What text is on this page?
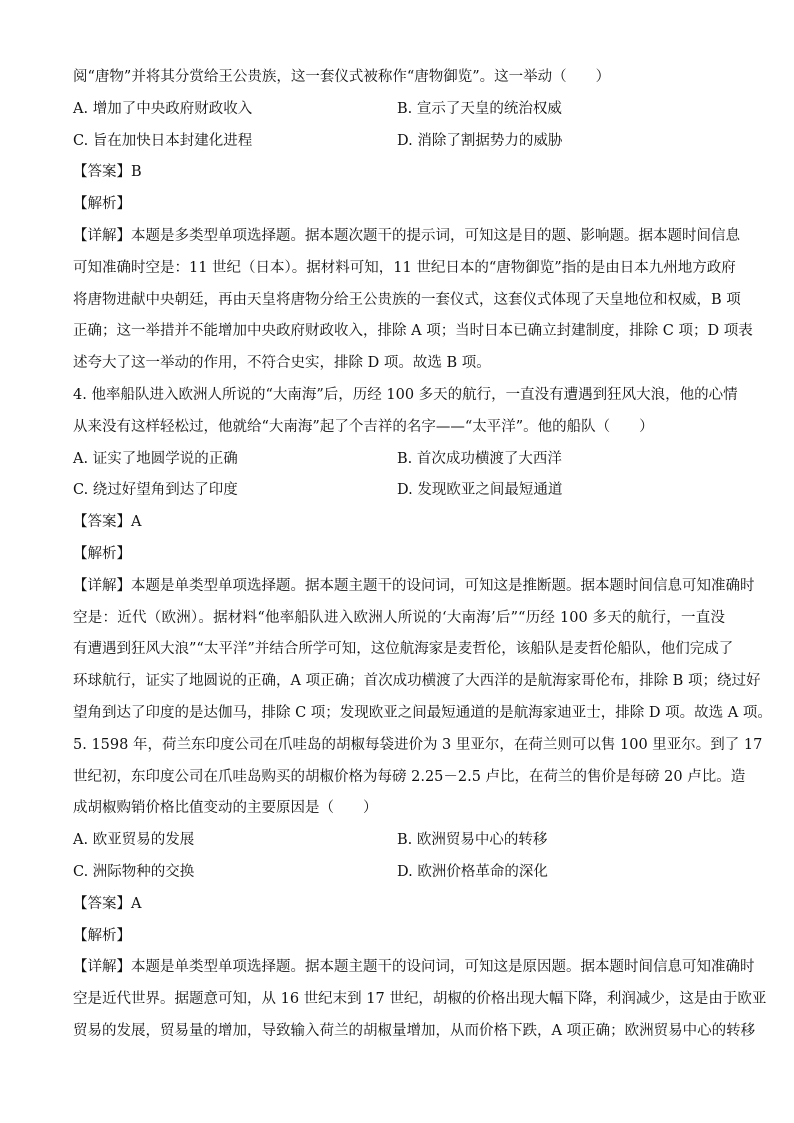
阅“唐物”并将其分赏给王公贵族，这一套仪式被称作“唐物御览”。这一举动（　　）
A. 增加了中央政府财政收入	B. 宣示了天皇的统治权威
C. 旨在加快日本封建化进程	D. 消除了割据势力的威胁
【答案】B
【解析】
【详解】本题是多类型单项选择题。据本题次题干的提示词，可知这是目的题、影响题。据本题时间信息
可知准确时空是：11 世纪（日本）。据材料可知，11 世纪日本的“唐物御览”指的是由日本九州地方政府
将唐物进献中央朝廷，再由天皇将唐物分给王公贵族的一套仪式，这套仪式体现了天皇地位和权威，B 项
正确；这一举措并不能增加中央政府财政收入，排除 A 项；当时日本已确立封建制度，排除 C 项；D 项表
述夸大了这一举动的作用，不符合史实，排除 D 项。故选 B 项。
4. 他率船队进入欧洲人所说的“大南海”后，历经 100 多天的航行，一直没有遭遇到狂风大浪，他的心情
从来没有这样轻松过，他就给“大南海”起了个吉祥的名字——“太平洋”。他的船队（　　）
A. 证实了地圆学说的正确	B. 首次成功横渡了大西洋
C. 绕过好望角到达了印度	D. 发现欧亚之间最短通道
【答案】A
【解析】
【详解】本题是单类型单项选择题。据本题主题干的设问词，可知这是推断题。据本题时间信息可知准确时
空是：近代（欧洲）。据材料“他率船队进入欧洲人所说的‘大南海’后”“历经 100 多天的航行，一直没
有遭遇到狂风大浪”“太平洋”并结合所学可知，这位航海家是麦哲伦，该船队是麦哲伦船队，他们完成了
环球航行，证实了地圆说的正确，A 项正确；首次成功横渡了大西洋的是航海家哥伦布，排除 B 项；绕过好
望角到达了印度的是达伽马，排除 C 项；发现欧亚之间最短通道的是航海家迪亚士，排除 D 项。故选 A 项。
5. 1598 年，荷兰东印度公司在爪哇岛的胡椒每袋进价为 3 里亚尔，在荷兰则可以售 100 里亚尔。到了 17
世纪初，东印度公司在爪哇岛购买的胡椒价格为每磅 2.25－2.5 卢比，在荷兰的售价是每磅 20 卢比。造
成胡椒购销价格比值变动的主要原因是（　　）
A. 欧亚贸易的发展	B. 欧洲贸易中心的转移
C. 洲际物种的交换	D. 欧洲价格革命的深化
【答案】A
【解析】
【详解】本题是单类型单项选择题。据本题主题干的设问词，可知这是原因题。据本题时间信息可知准确时
空是近代世界。据题意可知，从 16 世纪末到 17 世纪，胡椒的价格出现大幅下降，利润减少，这是由于欧亚
贸易的发展，贸易量的增加，导致输入荷兰的胡椒量增加，从而价格下跌，A 项正确；欧洲贸易中心的转移
